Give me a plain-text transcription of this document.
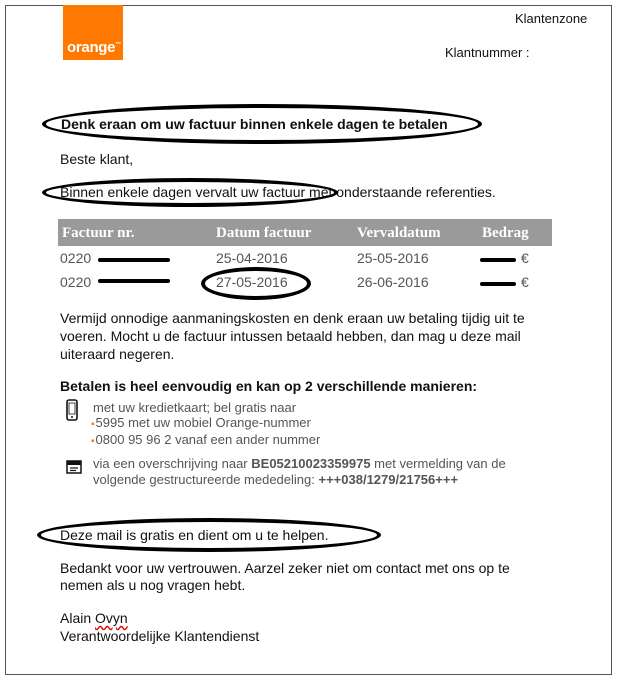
orange™
Klantenzone
Klantnummer :
Denk eraan om uw factuur binnen enkele dagen te betalen
Beste klant,
Binnen enkele dagen vervalt uw factuur met onderstaande referenties.
Factuur nr.	Datum factuur	Vervaldatum	Bedrag
0220	25-04-2016	25-05-2016	€
0220	27-05-2016	26-06-2016	€
Vermijd onnodige aanmaningskosten en denk eraan uw betaling tijdig uit te
voeren. Mocht u de factuur intussen betaald hebben, dan mag u deze mail
uiteraard negeren.
Betalen is heel eenvoudig en kan op 2 verschillende manieren:
met uw kredietkaart; bel gratis naar
▪5995 met uw mobiel Orange-nummer
▪0800 95 96 2 vanaf een ander nummer
via een overschrijving naar BE05210023359975 met vermelding van de
volgende gestructureerde mededeling: +++038/1279/21756+++
Deze mail is gratis en dient om u te helpen.
Bedankt voor uw vertrouwen. Aarzel zeker niet om contact met ons op te
nemen als u nog vragen hebt.
Alain Ovyn
Verantwoordelijke Klantendienst
